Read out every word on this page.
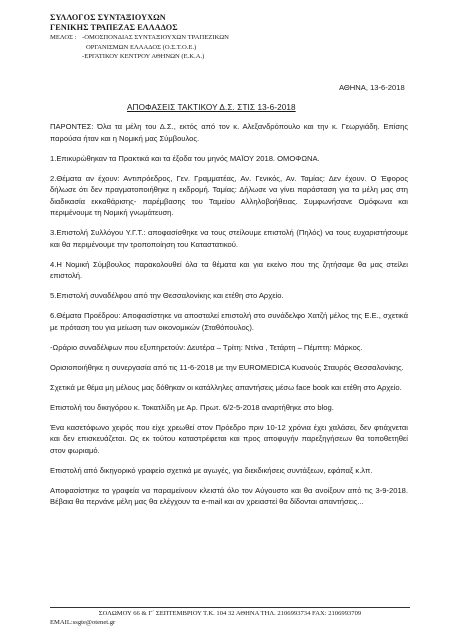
ΣΥΛΛΟΓΟΣ ΣΥΝΤΑΞΙΟΥΧΩΝ
ΓΕΝΙΚΗΣ ΤΡΑΠΕΖΑΣ ΕΛΛΑΔΟΣ
ΜΕΛΟΣ : -ΟΜΟΣΠΟΝΔΙΑΣ ΣΥΝΤΑΞΙΟΥΧΩΝ ΤΡΑΠΕΖΙΚΩΝ
ΟΡΓΑΝΙΣΜΩΝ ΕΛΛΑΔΟΣ (Ο.Σ.Τ.Ο.Ε.)
-ΕΡΓΑΤΙΚΟΥ ΚΕΝΤΡΟΥ ΑΘΗΝΩΝ (Ε.Κ.Α.)
ΑΘΗΝΑ, 13-6-2018
ΑΠΟΦΑΣΕΙΣ ΤΑΚΤΙΚΟΥ Δ.Σ. ΣΤΙΣ 13-6-2018

ΠΑΡΟΝΤΕΣ: Όλα τα μέλη του Δ.Σ., εκτός από τον κ. Αλεξανδρόπουλο και την κ. Γεωργιάδη. Επίσης παρούσα ήταν και η Νομική μας Σύμβουλος.

1.Επικυρώθηκαν τα Πρακτικά και τα έξοδα του μηνός ΜΑΪΟΥ 2018. ΟΜΟΦΩΝΑ.

2.Θέματα αν έχουν: Αντιπρόεδρος, Γεν. Γραμματέας, Αν. Γενικός, Αν. Ταμίας: Δεν έχουν. Ο Έφορος δήλωσε ότι δεν πραγματοποιήθηκε η εκδρομή. Ταμίας: Δήλωσε να γίνει παράσταση για τα μέλη μας στη διαδικασία εκκαθάρισης- παρέμβασης του Ταμείου Αλληλοβοήθειας. Συμφωνήσανε Ομόφωνα και περιμένουμε τη Νομική γνωμάτευση.

3.Επιστολή Συλλόγου Υ.Γ.Τ.: αποφασίσθηκε να τους στείλουμε επιστολή (Πηλός) να τους ευχαριστήσουμε και θα περιμένουμε την τροποποίηση του Καταστατικού.

4.Η Νομική Σύμβουλος παρακολουθεί όλα τα θέματα και για εκείνο που της ζητήσαμε θα μας στείλει επιστολή.

5.Επιστολή συναδέλφου από την Θεσσαλονίκης και ετέθη στο Αρχείο.

6.Θέματα Προέδρου: Αποφασίστηκε να αποσταλεί επιστολή στο συνάδελφο Χατζή μέλος της Ε.Ε., σχετικά με πρόταση του για μείωση των οικονομικών (Σταθόπουλος).

-Ωράριο συναδέλφων που εξυπηρετούν: Δευτέρα – Τρίτη: Ντίνα , Τετάρτη – Πέμπτη: Μάρκος.

Ορισιοποιήθηκε η συνεργασία από τις 11-6-2018 με την EUROMEDICA Κυανούς Σταυρός Θεσσαλονίκης.

Σχετικά με θέμα μη μέλους μας δόθηκαν οι κατάλληλες απαντήσεις μέσω face book και ετέθη στο Αρχείο.

Επιστολή του δικηγόρου κ. Τοκατλίδη με Αρ. Πρωτ. 6/2-5-2018 αναρτήθηκε στο blog.

Ένα κασετόφωνο χειρός που είχε χρεωθεί στον Πρόεδρο πριν 10-12 χρόνια έχει χαλάσει, δεν φτιάχνεται και δεν επισκευάζεται. Ως εκ τούτου καταστρέφεται και προς αποφυγήν παρεξηγήσεων θα τοποθετηθεί στον φωριαμό.

Επιστολή από δικηγορικό γραφείο σχετικά με αγωγές, για διεκδικήσεις συντάξεων, εφάπαξ κ.λπ.

Αποφασίστηκε τα γραφεία να παραμείνουν κλειστά όλο τον Αύγουστο και θα ανοίξουν από τις 3-9-2018. Βέβαια θα περνάνε μέλη μας θα ελέγχουν τα e-mail και αν χρειαστεί θα δίδονται απαντήσεις...

ΣΟΛΩΜΟΥ 66 & Γ΄ ΣΕΠΤΕΜΒΡΙΟΥ Τ.Κ. 104 32 ΑΘΗΝΑ ΤΗΛ. 2106993734 FAX: 2106993709
EMAIL:ssgte@otenet.gr
